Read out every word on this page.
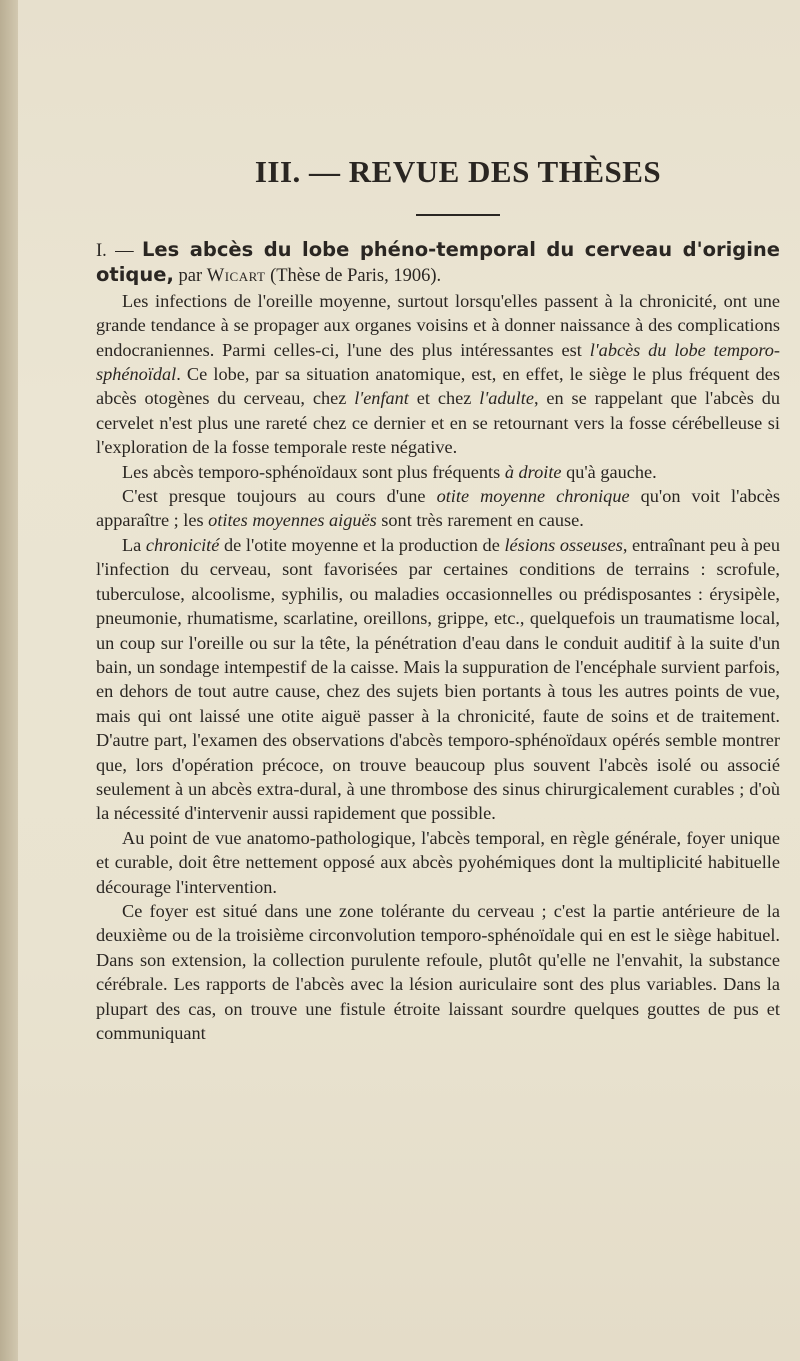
III. — REVUE DES THÈSES

I. — Les abcès du lobe phéno-temporal du cerveau d'origine otique, par Wicart (Thèse de Paris, 1906).

Les infections de l'oreille moyenne, surtout lorsqu'elles passent à la chronicité, ont une grande tendance à se propager aux organes voisins et à donner naissance à des complications endocraniennes. Parmi celles-ci, l'une des plus intéressantes est l'abcès du lobe temporo-sphénoïdal. Ce lobe, par sa situation anatomique, est, en effet, le siège le plus fréquent des abcès otogènes du cerveau, chez l'enfant et chez l'adulte, en se rappelant que l'abcès du cervelet n'est plus une rareté chez ce dernier et en se retournant vers la fosse cérébelleuse si l'exploration de la fosse temporale reste négative.

Les abcès temporo-sphénoïdaux sont plus fréquents à droite qu'à gauche.

C'est presque toujours au cours d'une otite moyenne chronique qu'on voit l'abcès apparaître ; les otites moyennes aiguës sont très rarement en cause.

La chronicité de l'otite moyenne et la production de lésions osseuses, entraînant peu à peu l'infection du cerveau, sont favorisées par certaines conditions de terrains : scrofule, tuberculose, alcoolisme, syphilis, ou maladies occasionnelles ou prédisposantes : érysipèle, pneumonie, rhumatisme, scarlatine, oreillons, grippe, etc., quelquefois un traumatisme local, un coup sur l'oreille ou sur la tête, la pénétration d'eau dans le conduit auditif à la suite d'un bain, un sondage intempestif de la caisse. Mais la suppuration de l'encéphale survient parfois, en dehors de tout autre cause, chez des sujets bien portants à tous les autres points de vue, mais qui ont laissé une otite aiguë passer à la chronicité, faute de soins et de traitement. D'autre part, l'examen des observations d'abcès temporo-sphénoïdaux opérés semble montrer que, lors d'opération précoce, on trouve beaucoup plus souvent l'abcès isolé ou associé seulement à un abcès extra-dural, à une thrombose des sinus chirurgicalement curables ; d'où la nécessité d'intervenir aussi rapidement que possible.

Au point de vue anatomo-pathologique, l'abcès temporal, en règle générale, foyer unique et curable, doit être nettement opposé aux abcès pyohémiques dont la multiplicité habituelle décourage l'intervention.

Ce foyer est situé dans une zone tolérante du cerveau ; c'est la partie antérieure de la deuxième ou de la troisième circonvolution temporo-sphénoïdale qui en est le siège habituel. Dans son extension, la collection purulente refoule, plutôt qu'elle ne l'envahit, la substance cérébrale. Les rapports de l'abcès avec la lésion auriculaire sont des plus variables. Dans la plupart des cas, on trouve une fistule étroite laissant sourdre quelques gouttes de pus et communiquant
